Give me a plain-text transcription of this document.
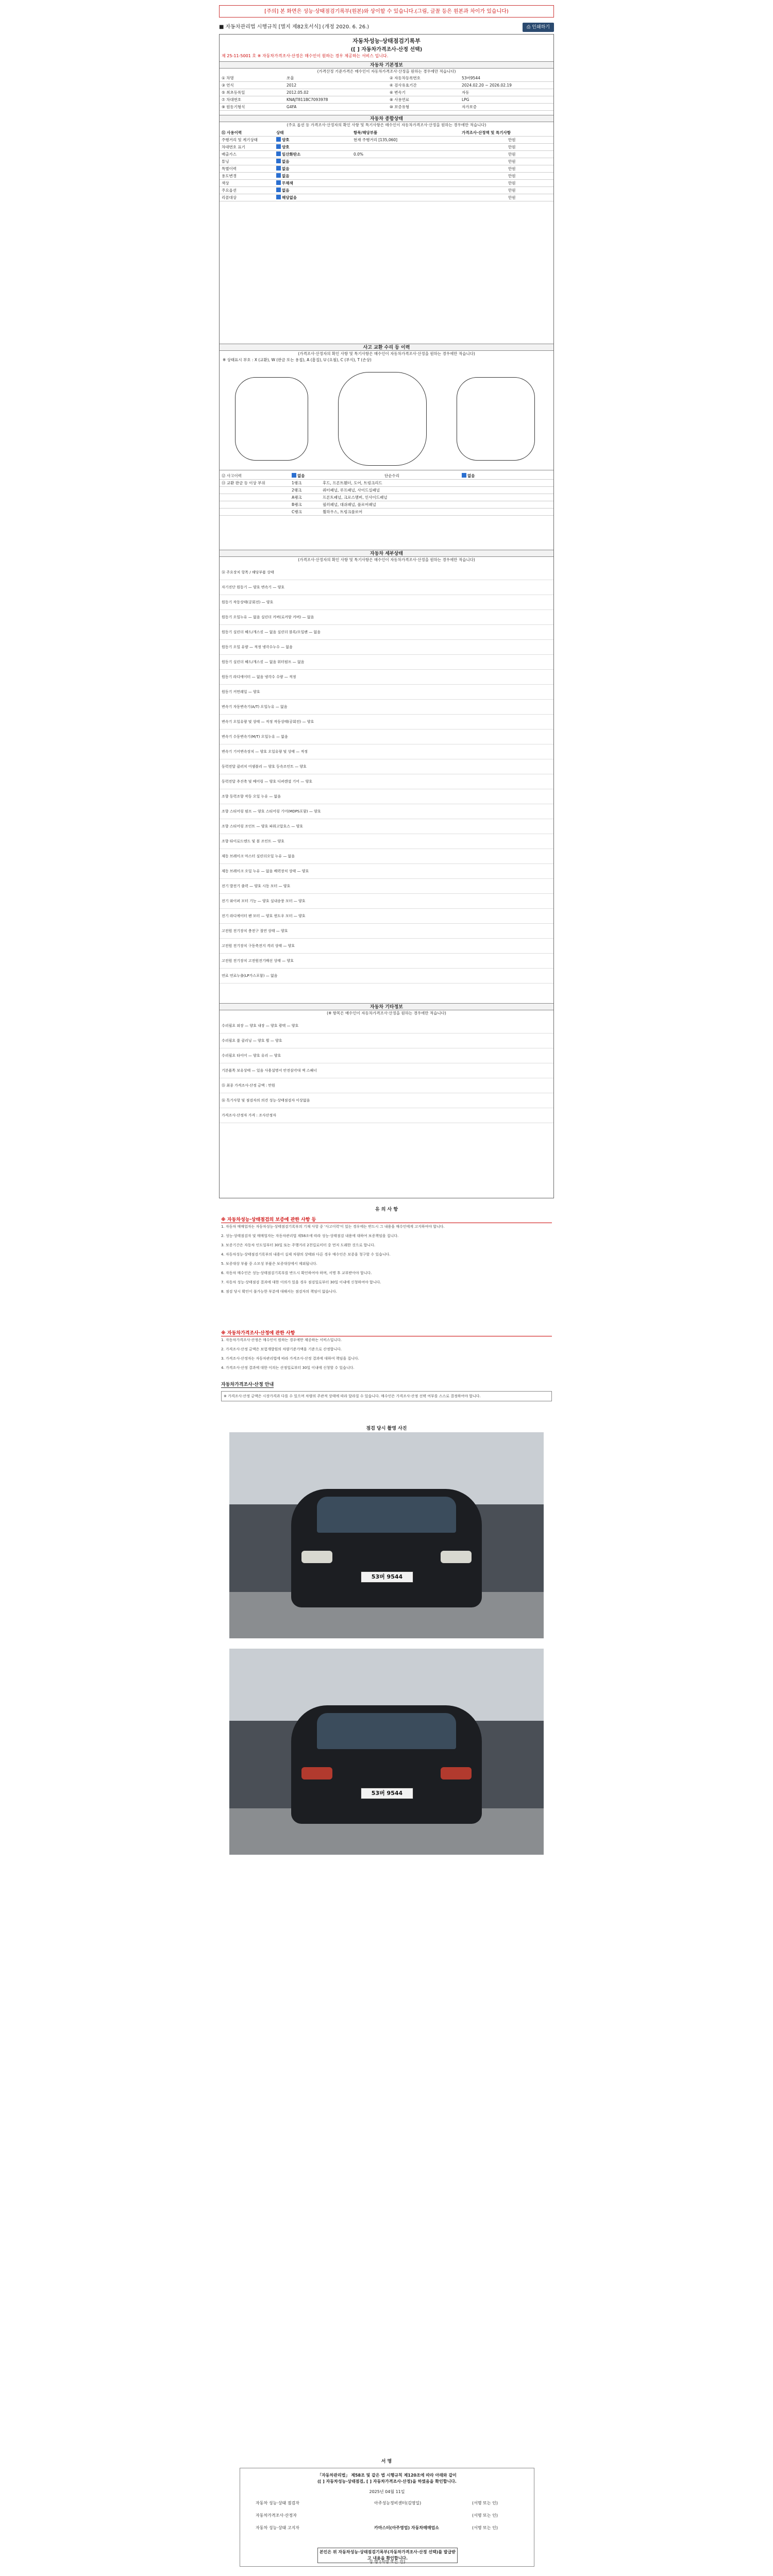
[주의] 본 화면은 성능·상태점검기록부(원본)와 상이할 수 있습니다.(그림, 글꼴 등은 원본과 차이가 있습니다)
■ 자동차관리법 시행규칙 [별지 제82호서식] (개정 2020. 6. 26.)	⎙ 인쇄하기
자동차성능·상태점검기록부
([ ] 자동차가격조사·산정 선택)
제 25-11-5001 호 ※ 자동차가격조사·산정은 매수인이 원하는 경우 제공하는 서비스 입니다.
자동차 기본정보
(가격산정 기준가격은 매수인이 자동차가격조사·산정을 원하는 경우에만 적습니다)
① 차명	쏘울	② 자동차등록번호	53버9544
③ 연식	2012	④ 검사유효기간	2024.02.20 ~ 2026.02.19
⑤ 최초등록일	2012.05.02	⑥ 변속기	자동
⑦ 차대번호	KNAJT811BC7093978	⑧ 사용연료	LPG
⑨ 원동기형식	G4FA	⑩ 보증유형	자가보증
자동차 종합상태
(주요 옵션 등 가격조사·산정자의 확인 사항 및 특기사항은 매수인이 자동차가격조사·산정을 원하는 경우에만 적습니다)
⑪ 사용이력	상태	항목/해당부품	가격조사·산정액 및 특기사항
주행거리 및 계기상태	양호	현재 주행거리 [135,060]	만원
차대번호 표기	양호	만원
배출가스	일산화탄소	0.0%	만원
튜닝	없음	만원
특별이력	없음	만원
용도변경	없음	만원
색상	무채색	만원
주요옵션	없음	만원
리콜대상	해당없음	만원
사고 교환 수리 등 이력
(가격조사·산정자의 확인 사항 및 특기사항은 매수인이 자동차가격조사·산정을 원하는 경우에만 적습니다)
※ 상태표시 부호 : X (교환), W (판금 또는 용접), A (흠집), U (요철), C (부식), T (손상)
⑫ 사고이력	없음	단순수리	없음
⑬ 교환 판금 등 이상 부위	1랭크	후드, 프론트휀더, 도어, 트렁크리드
2랭크	쿼터패널, 루프패널, 사이드실패널
A랭크	프론트패널, 크로스멤버, 인사이드패널
B랭크	필러패널, 대쉬패널, 플로어패널
C랭크	휠하우스, 트렁크플로어
자동차 세부상태
(가격조사·산정자의 확인 사항 및 특기사항은 매수인이 자동차가격조사·산정을 원하는 경우에만 적습니다)
⑭ 주요장치 항목 / 해당부품 상태
자기진단 원동기 — 양호 변속기 — 양호
원동기 작동상태(공회전) — 양호
원동기 오일누유 — 없음 실린더 커버(로커암 커버) — 없음
원동기 실린더 헤드/개스킷 — 없음 실린더 블록/오일팬 — 없음
원동기 오일 유량 — 적정 냉각수누수 — 없음
원동기 실린더 헤드/개스킷 — 없음 워터펌프 — 없음
원동기 라디에이터 — 없음 냉각수 수량 — 적정
원동기 커먼레일 — 양호
변속기 자동변속기(A/T) 오일누유 — 없음
변속기 오일유량 및 상태 — 적정 작동상태(공회전) — 양호
변속기 수동변속기(M/T) 오일누유 — 없음
변속기 기어변속장치 — 양호 오일유량 및 상태 — 적정
동력전달 클러치 어셈블리 — 양호 등속조인트 — 양호
동력전달 추진축 및 베어링 — 양호 디퍼렌셜 기어 — 양호
조향 동력조향 작동 오일 누유 — 없음
조향 스티어링 펌프 — 양호 스티어링 기어(MDPS포함) — 양호
조향 스티어링 조인트 — 양호 파워고압호스 — 양호
조향 타이로드엔드 및 볼 조인트 — 양호
제동 브레이크 마스터 실린더오일 누유 — 없음
제동 브레이크 오일 누유 — 없음 배력장치 상태 — 양호
전기 발전기 출력 — 양호 시동 모터 — 양호
전기 와이퍼 모터 기능 — 양호 실내송풍 모터 — 양호
전기 라디에이터 팬 모터 — 양호 윈도우 모터 — 양호
고전원 전기장치 충전구 절연 상태 — 양호
고전원 전기장치 구동축전지 격리 상태 — 양호
고전원 전기장치 고전원전기배선 상태 — 양호
연료 연료누출(LP가스포함) — 없음
자동차 기타정보
(※ 항목은 매수인이 자동차가격조사·산정을 원하는 경우에만 적습니다)
수리필요 외장 — 양호 내장 — 양호 광택 — 양호
수리필요 룸 클리닝 — 양호 휠 — 양호
수리필요 타이어 — 양호 유리 — 양호
기본품목 보유상태 — 있음 사용설명서 안전삼각대 잭 스패너
⑮ 최종 가격조사·산정 금액 : 만원
⑯ 특기사항 및 점검자의 의견 성능·상태점검자 이상없음
가격조사·산정자 가격 : 조사산정자
유 의 사 항
※ 자동차성능·상태점검의 보증에 관한 사항 등
1. 자동차 매매업자는 자동차성능·상태점검기록부의 기재 사항 중 '사고이력'이 있는 경우에는 반드시 그 내용을 매수인에게 고지하여야 합니다.
2. 성능·상태점검자 및 매매업자는 자동차관리법 제58조에 따라 성능·상태점검 내용에 대하여 보증책임을 집니다.
3. 보증기간은 자동차 인도일부터 30일 또는 주행거리 2천킬로미터 중 먼저 도래한 것으로 합니다.
4. 자동차성능·상태점검기록부의 내용이 실제 차량의 상태와 다른 경우 매수인은 보증을 청구할 수 있습니다.
5. 보증대상 부품 중 소모성 부품은 보증대상에서 제외됩니다.
6. 자동차 매수인은 성능·상태점검기록부를 반드시 확인하여야 하며, 서명 후 교부받아야 합니다.
7. 자동차 성능·상태점검 결과에 대한 이의가 있을 경우 점검일로부터 30일 이내에 신청하여야 합니다.
8. 점검 당시 확인이 불가능한 부분에 대해서는 점검자의 책임이 없습니다.
※ 자동차가격조사·산정에 관한 사항
1. 자동차가격조사·산정은 매수인이 원하는 경우에만 제공하는 서비스입니다.
2. 가격조사·산정 금액은 보험개발원의 차량기준가액을 기준으로 산정합니다.
3. 가격조사·산정자는 자동차관리법에 따라 가격조사·산정 결과에 대하여 책임을 집니다.
4. 가격조사·산정 결과에 대한 이의는 산정일로부터 30일 이내에 신청할 수 있습니다.
자동차가격조사·산정 안내
※ 가격조사·산정 금액은 시장가격과 다를 수 있으며 차량의 주관적 상태에 따라 달라질 수 있습니다. 매수인은 가격조사·산정 선택 여부를 스스로 결정하여야 합니다.
점검 당시 촬영 사진
53버 9544
53버 9544
서 명
「자동차관리법」 제58조 및 같은 법 시행규칙 제120조에 따라 아래와 같이
([ ] 자동차성능·상태점검, [ ] 자동차가격조사·산정)을 하였음을 확인합니다.
2025년 04월 11일
자동차 성능·상태 점검자	아주성능정비센터(김영일)	(서명 또는 인)
자동차가격조사·산정자	(서명 또는 인)
자동차 성능·상태 고지자	카마스터(아주영업) 자동차매매업소	(서명 또는 인)
본인은 위 자동차성능·상태점검기록부(자동차가격조사·산정 선택)를 발급받고 내용을 확인합니다.
성 명 (서명 또는 인)
